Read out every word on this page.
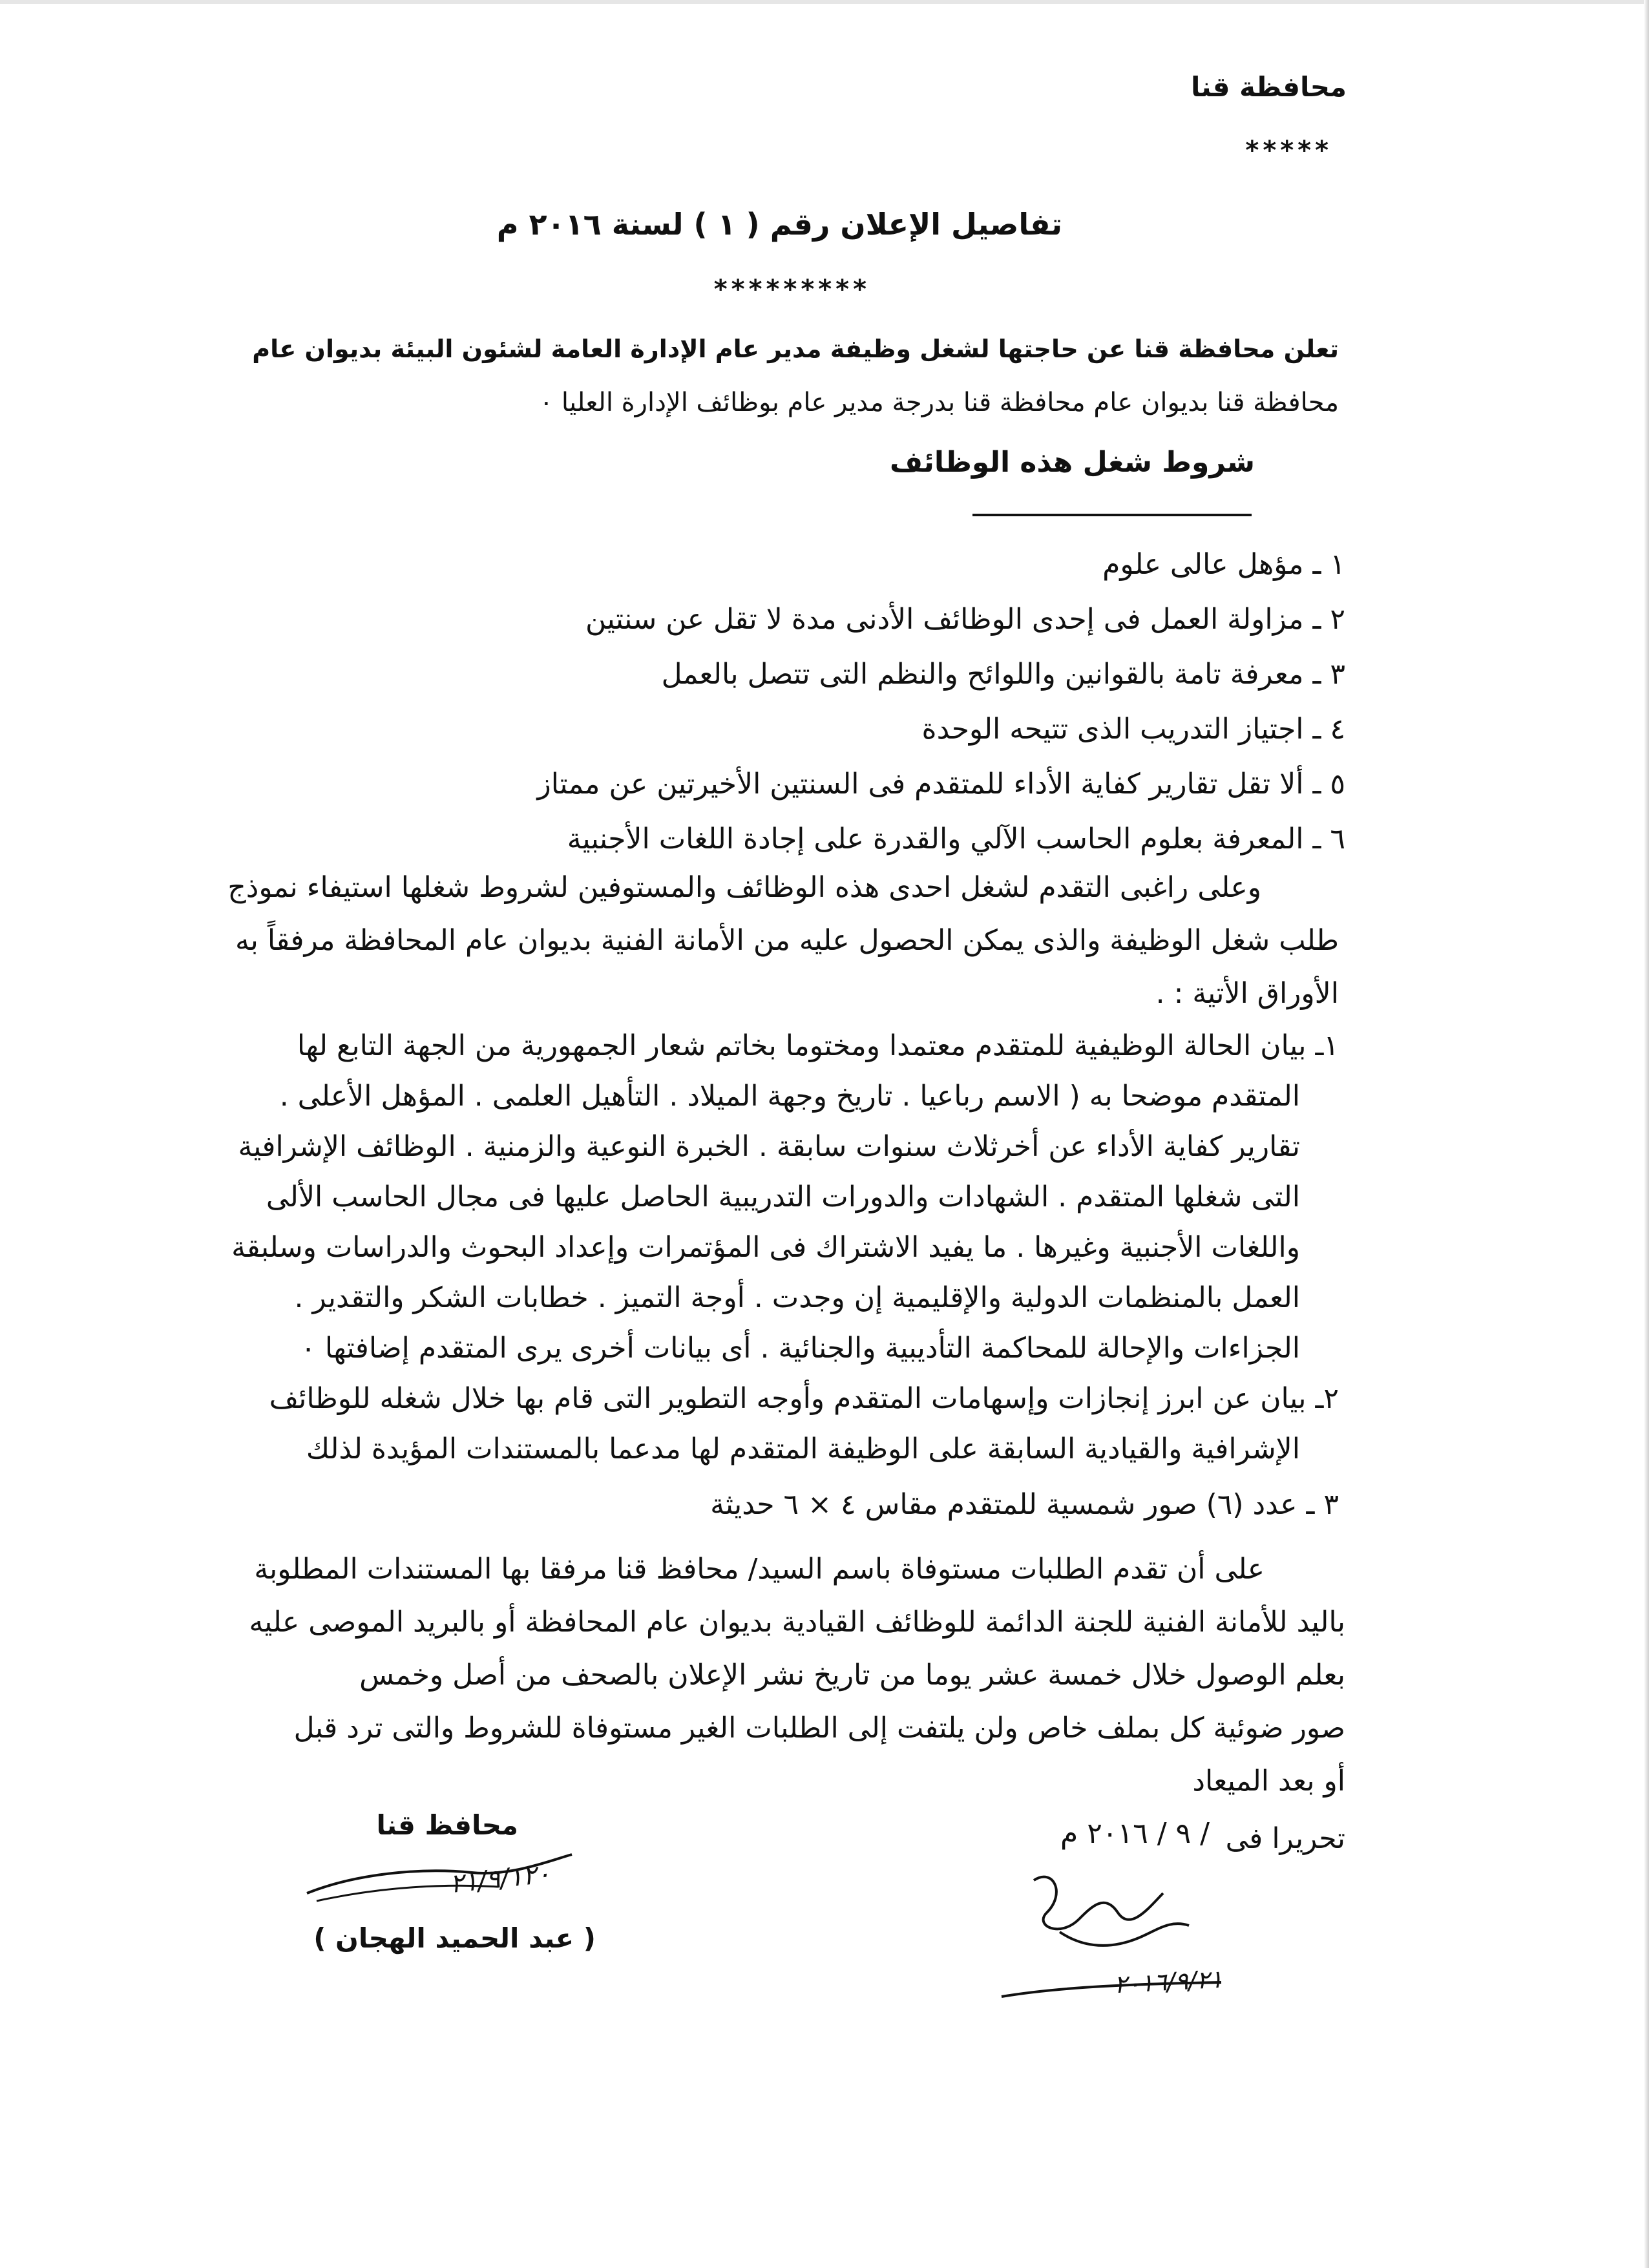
محافظة قنا
*****
تفاصيل الإعلان رقم ( ١ ) لسنة ٢٠١٦ م
*********
تعلن محافظة قنا عن حاجتها لشغل وظيفة مدير عام الإدارة العامة لشئون البيئة بديوان عام
محافظة قنا بديوان عام محافظة قنا بدرجة مدير عام بوظائف الإدارة العليا ٠
شروط شغل هذه الوظائف
١ ـ مؤهل عالى علوم
٢ ـ مزاولة العمل فى إحدى الوظائف الأدنى مدة لا تقل عن سنتين
٣ ـ معرفة تامة بالقوانين واللوائح والنظم التى تتصل بالعمل
٤ ـ اجتياز التدريب الذى تتيحه الوحدة
٥ ـ ألا تقل تقارير كفاية الأداء للمتقدم فى السنتين الأخيرتين عن ممتاز
٦ ـ المعرفة بعلوم الحاسب الآلي والقدرة على إجادة اللغات الأجنبية
وعلى راغبى التقدم لشغل احدى هذه الوظائف والمستوفين لشروط شغلها استيفاء نموذج
طلب شغل الوظيفة والذى يمكن الحصول عليه من الأمانة الفنية بديوان عام المحافظة مرفقاً به
الأوراق الأتية : .
١ـ بيان الحالة الوظيفية للمتقدم معتمدا ومختوما بخاتم شعار الجمهورية من الجهة التابع لها
المتقدم موضحا به ( الاسم رباعيا . تاريخ وجهة الميلاد . التأهيل العلمى . المؤهل الأعلى .
تقارير كفاية الأداء عن أخرثلاث سنوات سابقة . الخبرة النوعية والزمنية . الوظائف الإشرافية
التى شغلها المتقدم . الشهادات والدورات التدريبية الحاصل عليها فى مجال الحاسب الألى
واللغات الأجنبية وغيرها . ما يفيد الاشتراك فى المؤتمرات وإعداد البحوث والدراسات وسلبقة
العمل بالمنظمات الدولية والإقليمية إن وجدت . أوجة التميز . خطابات الشكر والتقدير .
الجزاءات والإحالة للمحاكمة التأديبية والجنائية . أى بيانات أخرى يرى المتقدم إضافتها ٠
٢ـ بيان عن ابرز إنجازات وإسهامات المتقدم وأوجه التطوير التى قام بها خلال شغله للوظائف
الإشرافية والقيادية السابقة على الوظيفة المتقدم لها مدعما بالمستندات المؤيدة لذلك
٣ ـ عدد (٦) صور شمسية للمتقدم مقاس ٤ × ٦ حديثة
على أن تقدم الطلبات مستوفاة باسم السيد/ محافظ قنا مرفقا بها المستندات المطلوبة
باليد للأمانة الفنية للجنة الدائمة للوظائف القيادية بديوان عام المحافظة أو بالبريد الموصى عليه
بعلم الوصول خلال خمسة عشر يوما من تاريخ نشر الإعلان بالصحف من أصل وخمس
صور ضوئية كل بملف خاص ولن يلتفت إلى الطلبات الغير مستوفاة للشروط والتى ترد قبل
أو بعد الميعاد
تحريرا فى
/ ٩ / ٢٠١٦ م
محافظ قنا
( عبد الحميد الهجان )
٢١/٩/١٢٠
٢٠١٦/٩/٢١
